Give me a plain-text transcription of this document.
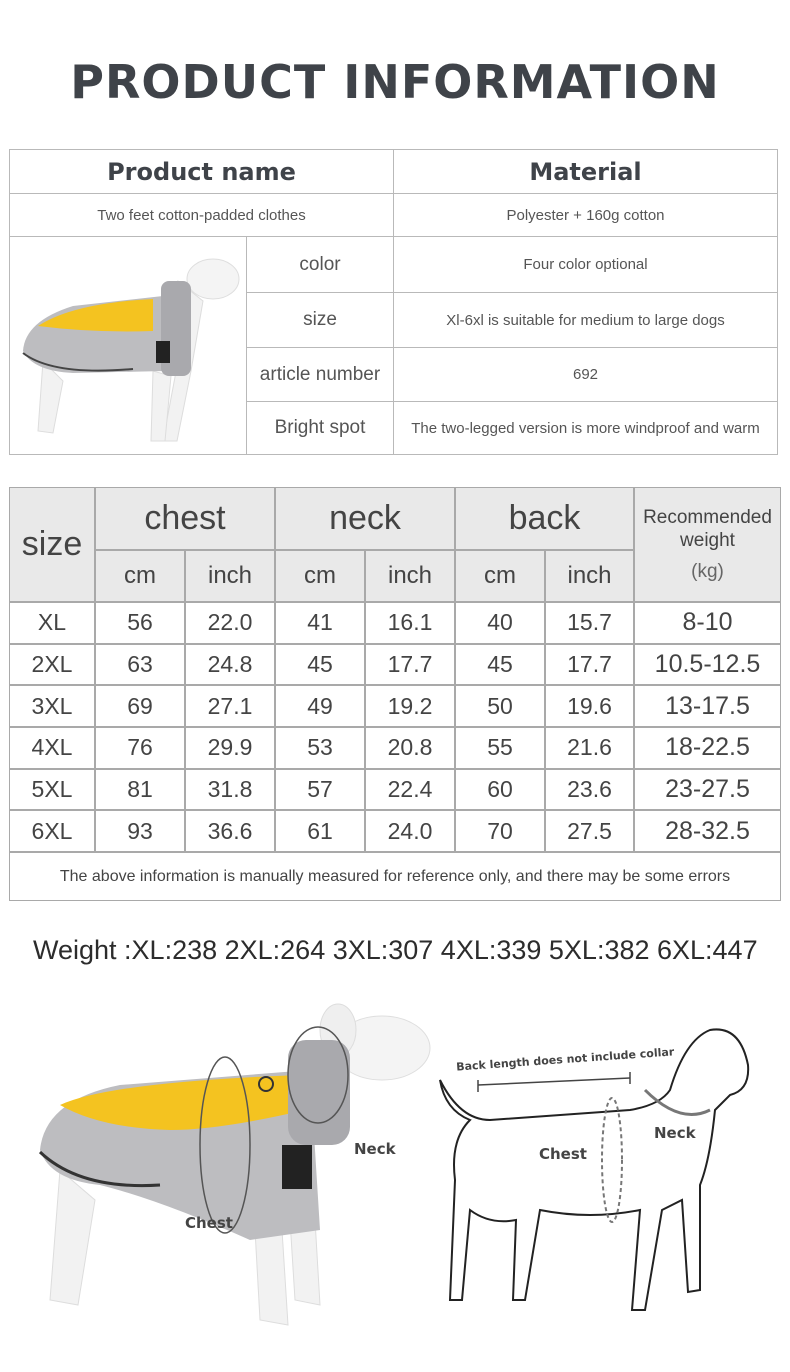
PRODUCT INFORMATION
Product name	Material
Two feet cotton-padded clothes	Polyester + 160g cotton
color	Four color optional
size	Xl-6xl is suitable for medium to large dogs
article number	692
Bright spot	The two-legged version is more windproof and warm
size
chest	neck	back	Recommended weight
(kg)
cm	inch	cm	inch	cm	inch
XL	56	22.0	41	16.1	40	15.7	8-10
2XL	63	24.8	45	17.7	45	17.7	10.5-12.5
3XL	69	27.1	49	19.2	50	19.6	13-17.5
4XL	76	29.9	53	20.8	55	21.6	18-22.5
5XL	81	31.8	57	22.4	60	23.6	23-27.5
6XL	93	36.6	61	24.0	70	27.5	28-32.5
The above information is manually measured for reference only, and there may be some errors
Weight :XL:238 2XL:264 3XL:307 4XL:339 5XL:382 6XL:447
Neck
Chest
Back length does not include collar
Chest
Neck
